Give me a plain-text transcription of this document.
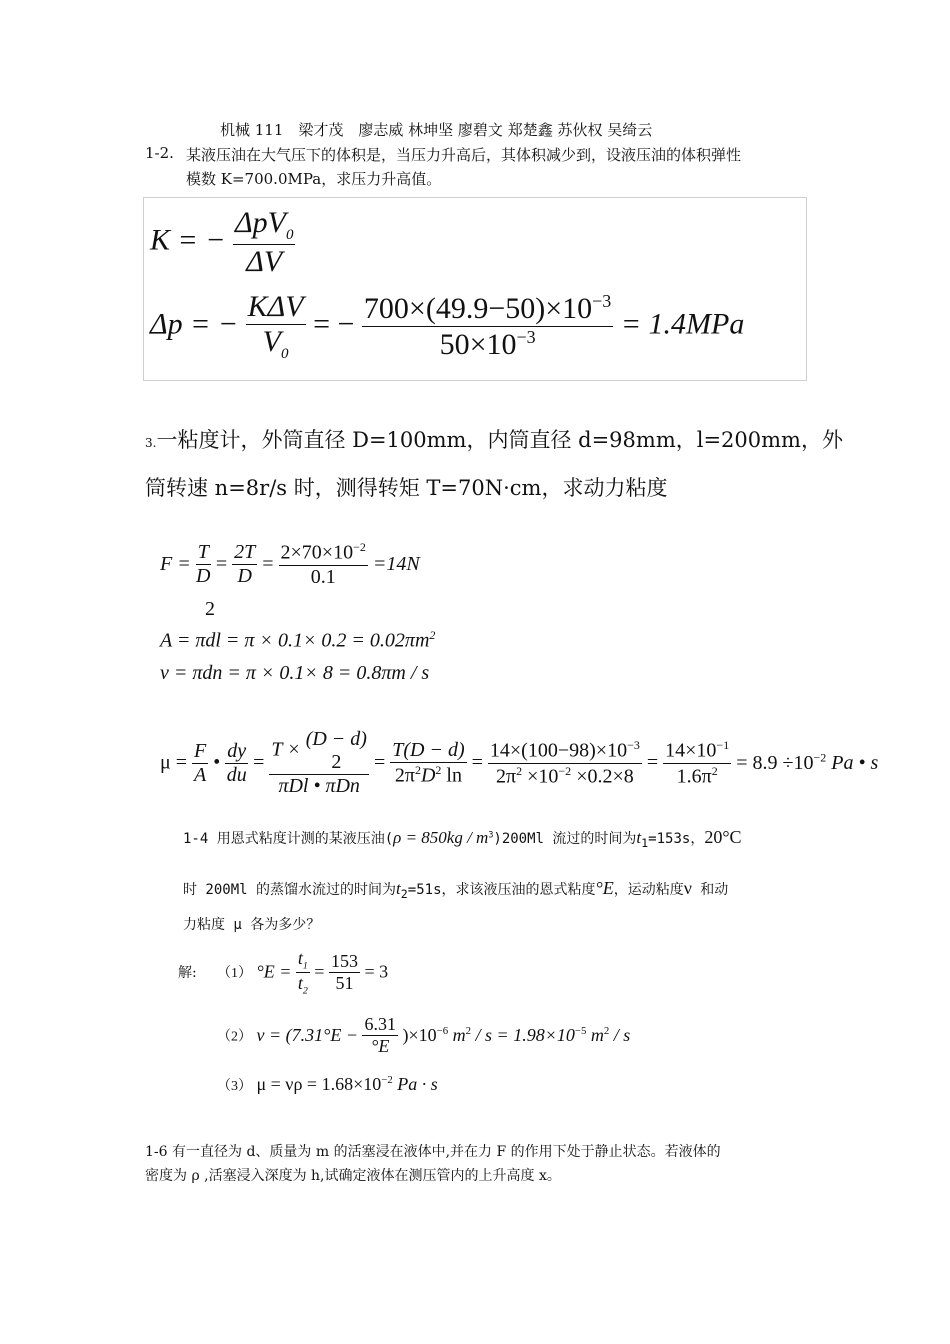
机械 111　梁才茂　廖志威 林坤坚 廖碧文 郑楚鑫 苏伙权 吴绮云
1-2. 某液压油在大气压下的体积是，当压力升高后，其体积减少到，设液压油的体积弹性
模数 K=700.0MPa，求压力升高值。
K = − $\frac{\Delta pV_0}{\Delta V}$
Δp = − $\frac{\text{KΔV}}{V_0}$ = − $\frac{700\times(49.9-50)\times 10^{-3}}{50\times 10^{-3}} = 1.4MPa$
3.一粘度计，外筒直径 D=100mm，内筒直径 d=98mm，l=200mm，外
筒转速 n=8r/s 时，测得转矩 T=70N·cm，求动力粘度
$F = \frac{T}{D} = \frac{2T}{D} = \frac{2\times 70\times 10^{-2}}{0.1} =14N$
2
$A = \pi dl = \pi \times 0.1\times 0.2 = 0.02\pi m^2$
v = πdn = π × 0.1× 8 = 0.8πm / s
$\mu = \frac{F}{A}$ • $\frac{dy}{du} = T \times (D - d)$
2
πDl • $\pi Dn = \frac{T(D - d)}{2\pi^2D^2 \ln} = \frac{14\times(100-98)\times 10^{-3}}{2\pi^2 \times 10^{-2} \times 0.2\times 8} = \frac{14\times 10^{-1}}{1.6\pi^2} = 8.9 \div 10^{-2}$ Pa • s
1-4 用恩式粘度计测的某液压油$(\rho = 850kg / m^3)200Ml$ 流过的时间为$t_1=153s$，20°C
时 200Ml 的蒸馏水流过的时间为$t_2=51s$，求该液压油的恩式粘度°E，运动粘度ν 和动
力粘度 μ 各为多少？
解: （1） $^\circ E = \frac{t_1}{t_2} = \frac{153}{51} = 3$
（2） $\nu = (7.31^\circ E - \frac{6.31}{^\circ E} )\times 10^{-6}$ $m^2 / s = 1.98\times 10^{-5}$ $m^2$ / s
（3） $\mu = \nu\rho = 1.68\times 10^{-2}$ Pa · s
1-6 有一直径为 d、质量为 m 的活塞浸在液体中,并在力 F 的作用下处于静止状态。若液体的
密度为 ρ ,活塞浸入深度为 h,试确定液体在测压管内的上升高度 x。
